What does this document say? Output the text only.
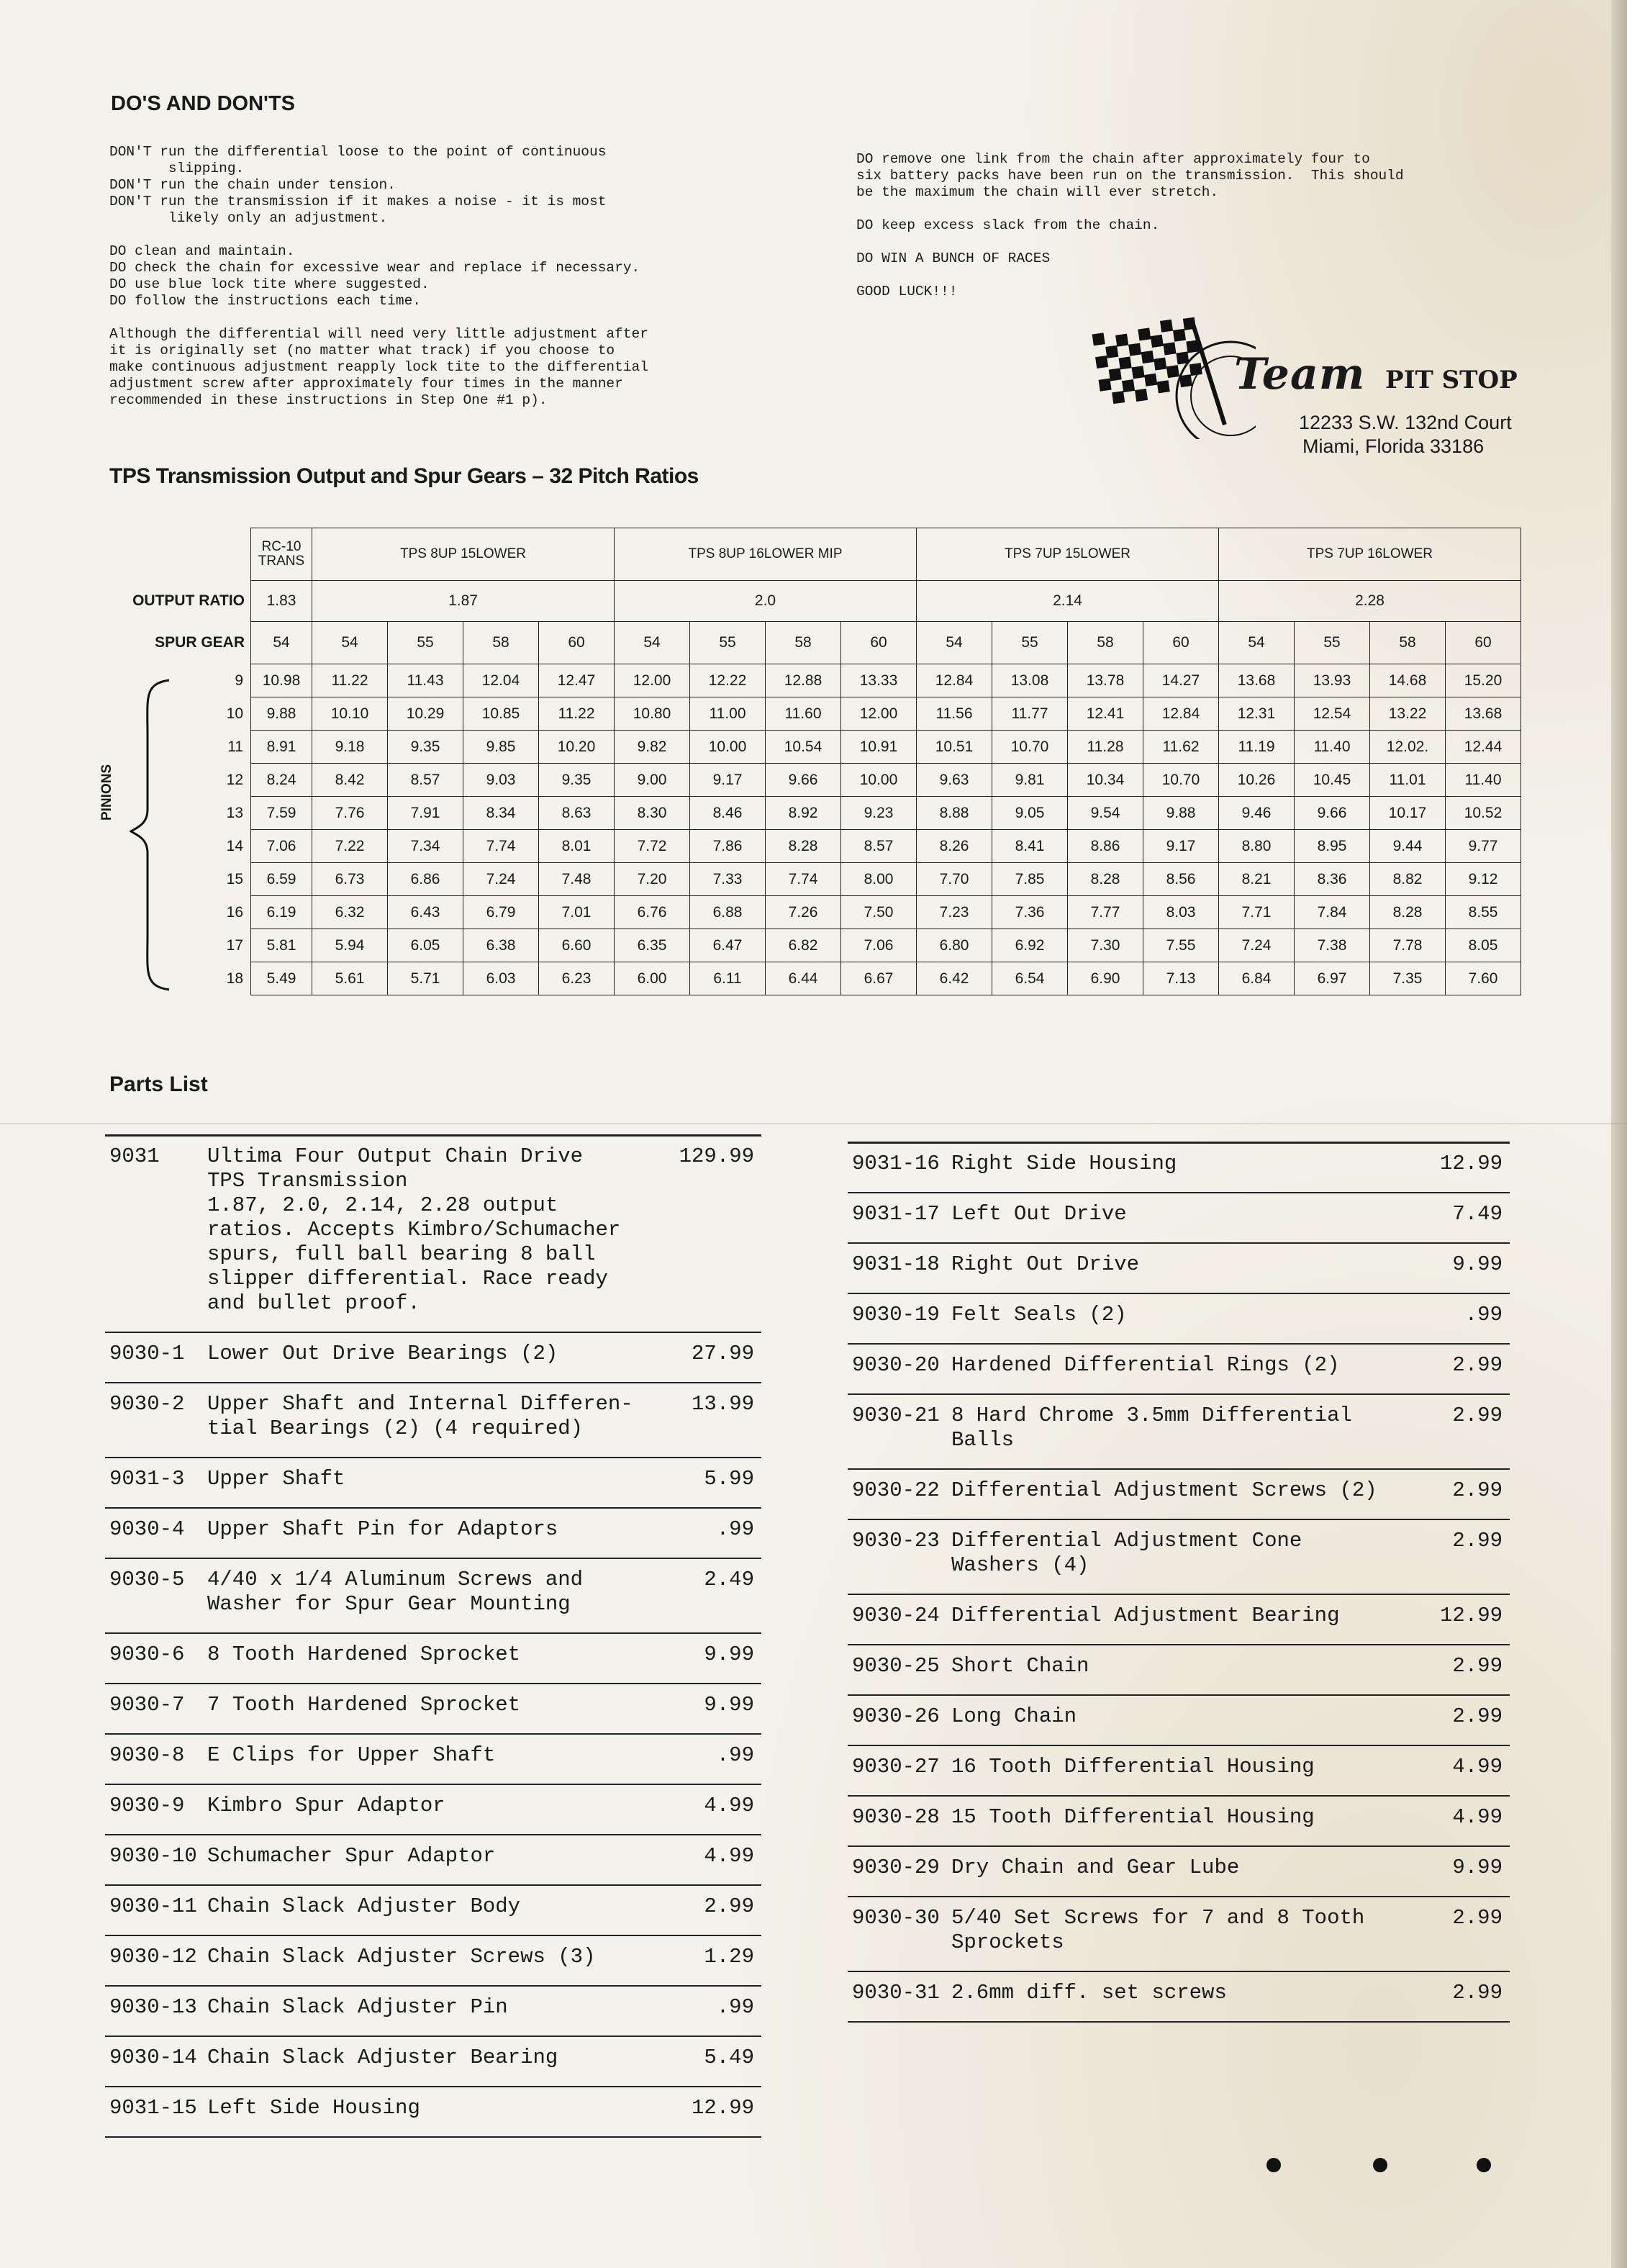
DO'S AND DON'TS
DON'T run the differential loose to the point of continuous
slipping.
DON'T run the chain under tension.
DON'T run the transmission if it makes a noise - it is most
likely only an adjustment.

DO clean and maintain.
DO check the chain for excessive wear and replace if necessary.
DO use blue lock tite where suggested.
DO follow the instructions each time.

Although the differential will need very little adjustment after
it is originally set (no matter what track) if you choose to
make continuous adjustment reapply lock tite to the differential
adjustment screw after approximately four times in the manner
recommended in these instructions in Step One #1 p).
DO remove one link from the chain after approximately four to
six battery packs have been run on the transmission.  This should
be the maximum the chain will ever stretch.

DO keep excess slack from the chain.

DO WIN A BUNCH OF RACES

GOOD LUCK!!!
Team PIT STOP
12233 S.W. 132nd Court
Miami, Florida 33186
TPS Transmission Output and Spur Gears – 32 Pitch Ratios
	RC-10 TRANS	TPS 8UP 15LOWER				TPS 8UP 16LOWER MIP				TPS 7UP 15LOWER				TPS 7UP 16LOWER			
OUTPUT RATIO	1.83	1.87				2.0				2.14				2.28			
SPUR GEAR	54	54	55	58	60	54	55	58	60	54	55	58	60	54	55	58	60
9	10.98	11.22	11.43	12.04	12.47	12.00	12.22	12.88	13.33	12.84	13.08	13.78	14.27	13.68	13.93	14.68	15.20
10	9.88	10.10	10.29	10.85	11.22	10.80	11.00	11.60	12.00	11.56	11.77	12.41	12.84	12.31	12.54	13.22	13.68
11	8.91	9.18	9.35	9.85	10.20	9.82	10.00	10.54	10.91	10.51	10.70	11.28	11.62	11.19	11.40	12.02.	12.44
12	8.24	8.42	8.57	9.03	9.35	9.00	9.17	9.66	10.00	9.63	9.81	10.34	10.70	10.26	10.45	11.01	11.40
13	7.59	7.76	7.91	8.34	8.63	8.30	8.46	8.92	9.23	8.88	9.05	9.54	9.88	9.46	9.66	10.17	10.52
14	7.06	7.22	7.34	7.74	8.01	7.72	7.86	8.28	8.57	8.26	8.41	8.86	9.17	8.80	8.95	9.44	9.77
15	6.59	6.73	6.86	7.24	7.48	7.20	7.33	7.74	8.00	7.70	7.85	8.28	8.56	8.21	8.36	8.82	9.12
16	6.19	6.32	6.43	6.79	7.01	6.76	6.88	7.26	7.50	7.23	7.36	7.77	8.03	7.71	7.84	8.28	8.55
17	5.81	5.94	6.05	6.38	6.60	6.35	6.47	6.82	7.06	6.80	6.92	7.30	7.55	7.24	7.38	7.78	8.05
18	5.49	5.61	5.71	6.03	6.23	6.00	6.11	6.44	6.67	6.42	6.54	6.90	7.13	6.84	6.97	7.35	7.60
PINIONS
Parts List
9031 Ultima Four Output Chain Drive
TPS Transmission
1.87, 2.0, 2.14, 2.28 output
ratios. Accepts Kimbro/Schumacher
spurs, full ball bearing 8 ball
slipper differential. Race ready
and bullet proof.
129.99
9030-1 Lower Out Drive Bearings (2)	27.99
9030-2 Upper Shaft and Internal Differen-
tial Bearings (2) (4 required)
13.99
9031-3 Upper Shaft	5.99
9030-4 Upper Shaft Pin for Adaptors	.99
9030-5 4/40 x 1/4 Aluminum Screws and
Washer for Spur Gear Mounting
2.49
9030-6 8 Tooth Hardened Sprocket	9.99
9030-7 7 Tooth Hardened Sprocket	9.99
9030-8 E Clips for Upper Shaft	.99
9030-9 Kimbro Spur Adaptor	4.99
9030-10 Schumacher Spur Adaptor	4.99
9030-11 Chain Slack Adjuster Body	2.99
9030-12 Chain Slack Adjuster Screws (3)	1.29
9030-13 Chain Slack Adjuster Pin	.99
9030-14 Chain Slack Adjuster Bearing	5.49
9031-15 Left Side Housing	12.99
9031-16 Right Side Housing	12.99
9031-17 Left Out Drive	7.49
9031-18 Right Out Drive	9.99
9030-19 Felt Seals (2)	.99
9030-20 Hardened Differential Rings (2)	2.99
9030-21 8 Hard Chrome 3.5mm Differential
Balls
2.99
9030-22 Differential Adjustment Screws (2)	2.99
9030-23 Differential Adjustment Cone
Washers (4)
2.99
9030-24 Differential Adjustment Bearing	12.99
9030-25 Short Chain	2.99
9030-26 Long Chain	2.99
9030-27 16 Tooth Differential Housing	4.99
9030-28 15 Tooth Differential Housing	4.99
9030-29 Dry Chain and Gear Lube	9.99
9030-30 5/40 Set Screws for 7 and 8 Tooth
Sprockets
2.99
9030-31 2.6mm diff. set screws	2.99
